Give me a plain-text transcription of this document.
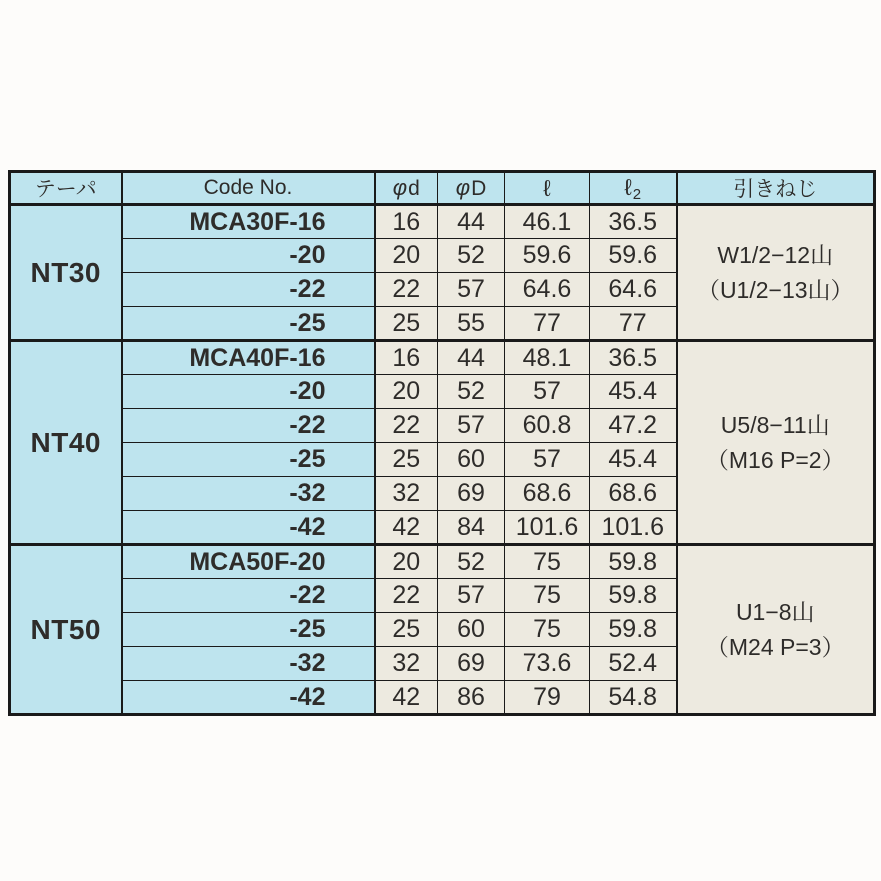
テーパ	Code No.	φd	φD	ℓ	ℓ$_2$	引きねじ
NT30	MCA30F-16	16	44	46.1	36.5	W1/2−12山
（U1/2−13山）

	-20	20	52	59.6	59.6	
	-22	22	57	64.6	64.6	
	-25	25	55	77	77	
NT40	MCA40F-16	16	44	48.1	36.5	U5/8−11山
（M16 P=2）

	-20	20	52	57	45.4	
	-22	22	57	60.8	47.2	
	-25	25	60	57	45.4	
	-32	32	69	68.6	68.6	
	-42	42	84	101.6	101.6	
NT50	MCA50F-20	20	52	75	59.8	U1−8山
（M24 P=3）

	-22	22	57	75	59.8	
	-25	25	60	75	59.8	
	-32	32	69	73.6	52.4	
	-42	42	86	79	54.8	
